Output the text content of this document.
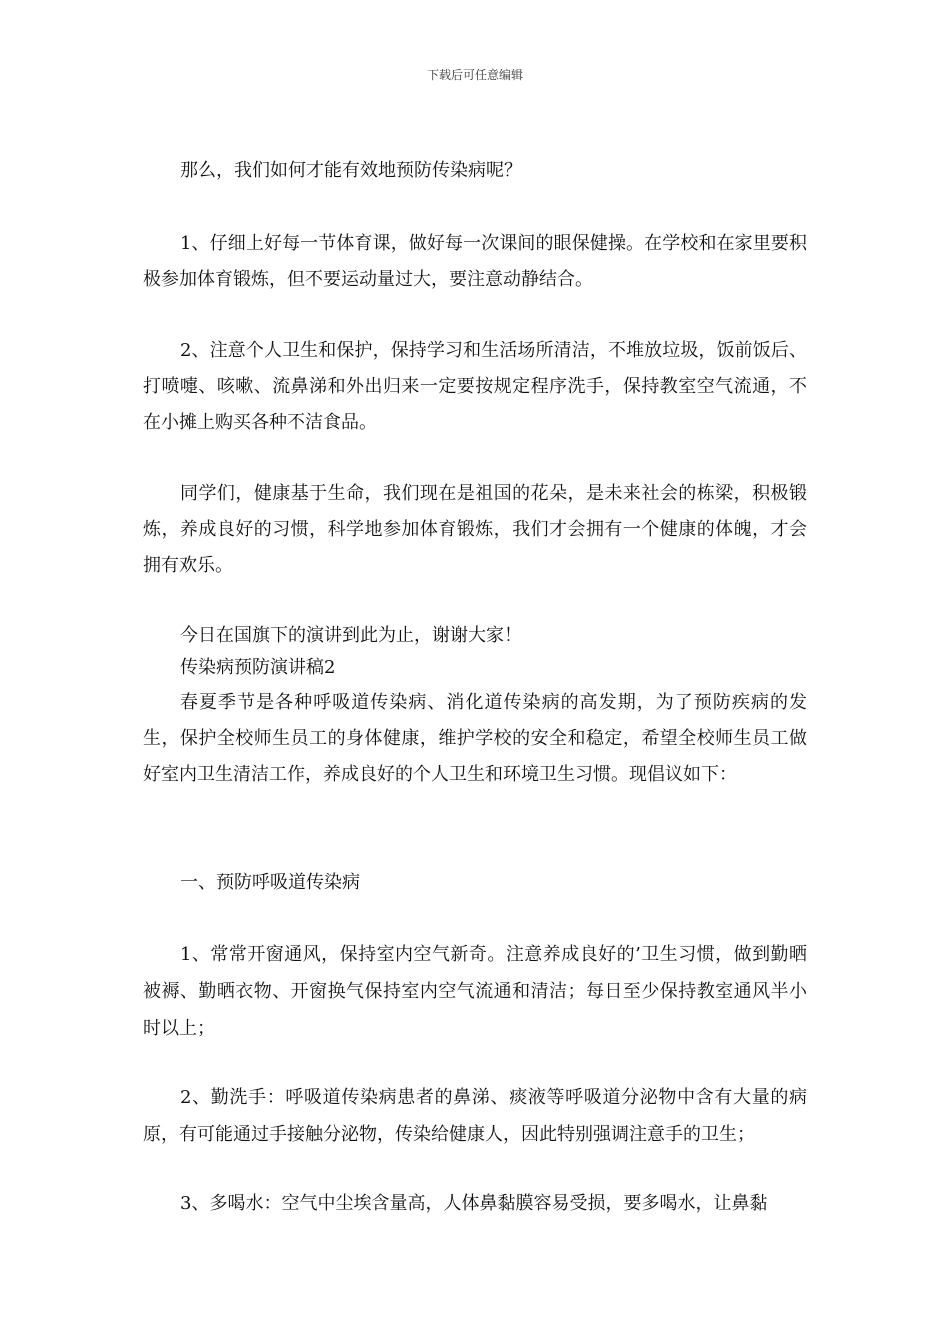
下载后可任意编辑

那么，我们如何才能有效地预防传染病呢？

1、仔细上好每一节体育课，做好每一次课间的眼保健操。在学校和在家里要积极参加体育锻炼，但不要运动量过大，要注意动静结合。

2、注意个人卫生和保护，保持学习和生活场所清洁，不堆放垃圾，饭前饭后、打喷嚏、咳嗽、流鼻涕和外出归来一定要按规定程序洗手，保持教室空气流通，不在小摊上购买各种不洁食品。

同学们，健康基于生命，我们现在是祖国的花朵，是未来社会的栋梁，积极锻炼，养成良好的习惯，科学地参加体育锻炼，我们才会拥有一个健康的体魄，才会拥有欢乐。

今日在国旗下的演讲到此为止，谢谢大家！

传染病预防演讲稿2

春夏季节是各种呼吸道传染病、消化道传染病的高发期，为了预防疾病的发生，保护全校师生员工的身体健康，维护学校的安全和稳定，希望全校师生员工做好室内卫生清洁工作，养成良好的个人卫生和环境卫生习惯。现倡议如下：

一、预防呼吸道传染病

1、常常开窗通风，保持室内空气新奇。注意养成良好的’卫生习惯，做到勤晒被褥、勤晒衣物、开窗换气保持室内空气流通和清洁；每日至少保持教室通风半小时以上；

2、勤洗手：呼吸道传染病患者的鼻涕、痰液等呼吸道分泌物中含有大量的病原，有可能通过手接触分泌物，传染给健康人，因此特别强调注意手的卫生；

3、多喝水：空气中尘埃含量高，人体鼻黏膜容易受损，要多喝水，让鼻黏
